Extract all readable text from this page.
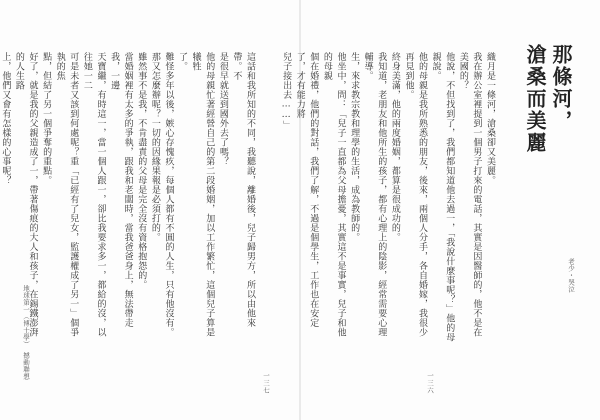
地球第一（博士學）　撼動聯想
這話和我所知的不同，我聽說，離婚後，兒子歸男方，所以由他來帶。不
是很早就送到國外去了嗎？
他的母親忙著經營自己的第二段婚姻，加以工作繁忙，這個兒子算是犧牲
了。
難怪多年以後，嫉心存愧疚，每個人都有不圓的人生，只有他沒有。
那又怎麼辦呢？一切的因緣果報是必須打的。
雖然事不是我，不肯盡責的父母是完全沒有資格抱怨的。
當婚姻裡有太多的爭執，跟我和老闆時，當我爸爸身上，無法帶走我，一邊
天寶繼，有時這一，當一個人跟一，卻比我要求多一，都給的沒，以往她一二
可是未者又該到何處呢？重「已經有了兒女，監護權成了另一」個爭執的焦
點，但結了另一個爭奪的重點。
好了，就是我的父親造成了一，帶著傷痕的大人和孩子，在錫鐵澎湃的人生路
上，他們又會有怎樣的心事呢？

一三七
那條河，
滄桑而美麗
織月是一條河，滄桑卻又美麗。
我在辦公室裡提到一個男子打來的電話，其實是因醫師的，他不是在美國的？
他說，不但找到了，我們都知道他去過一，「我說什麼事呢？」他的母親說。
他的母親是我所熟悉的朋友，後來，兩個人分手，各自婚嫁，我很少再見到他。
終身美滿，他的兩度婚姻，都算是很成功的。
我知道，老朋友和他所生的孩子，都有心理上的陰影，經常需要心理輔導。
生，來求教宗教和理學的生活，成為教師的。
他坐中，問：「兒子一直都為父母擔憂，其實這不是事實，兒子和他的母親
個在婚禮，他們的對話，我們了解，不過是個學生，工作也在安定了，才有能力將
兒子接出去……」
老少・哭泣
一三六
